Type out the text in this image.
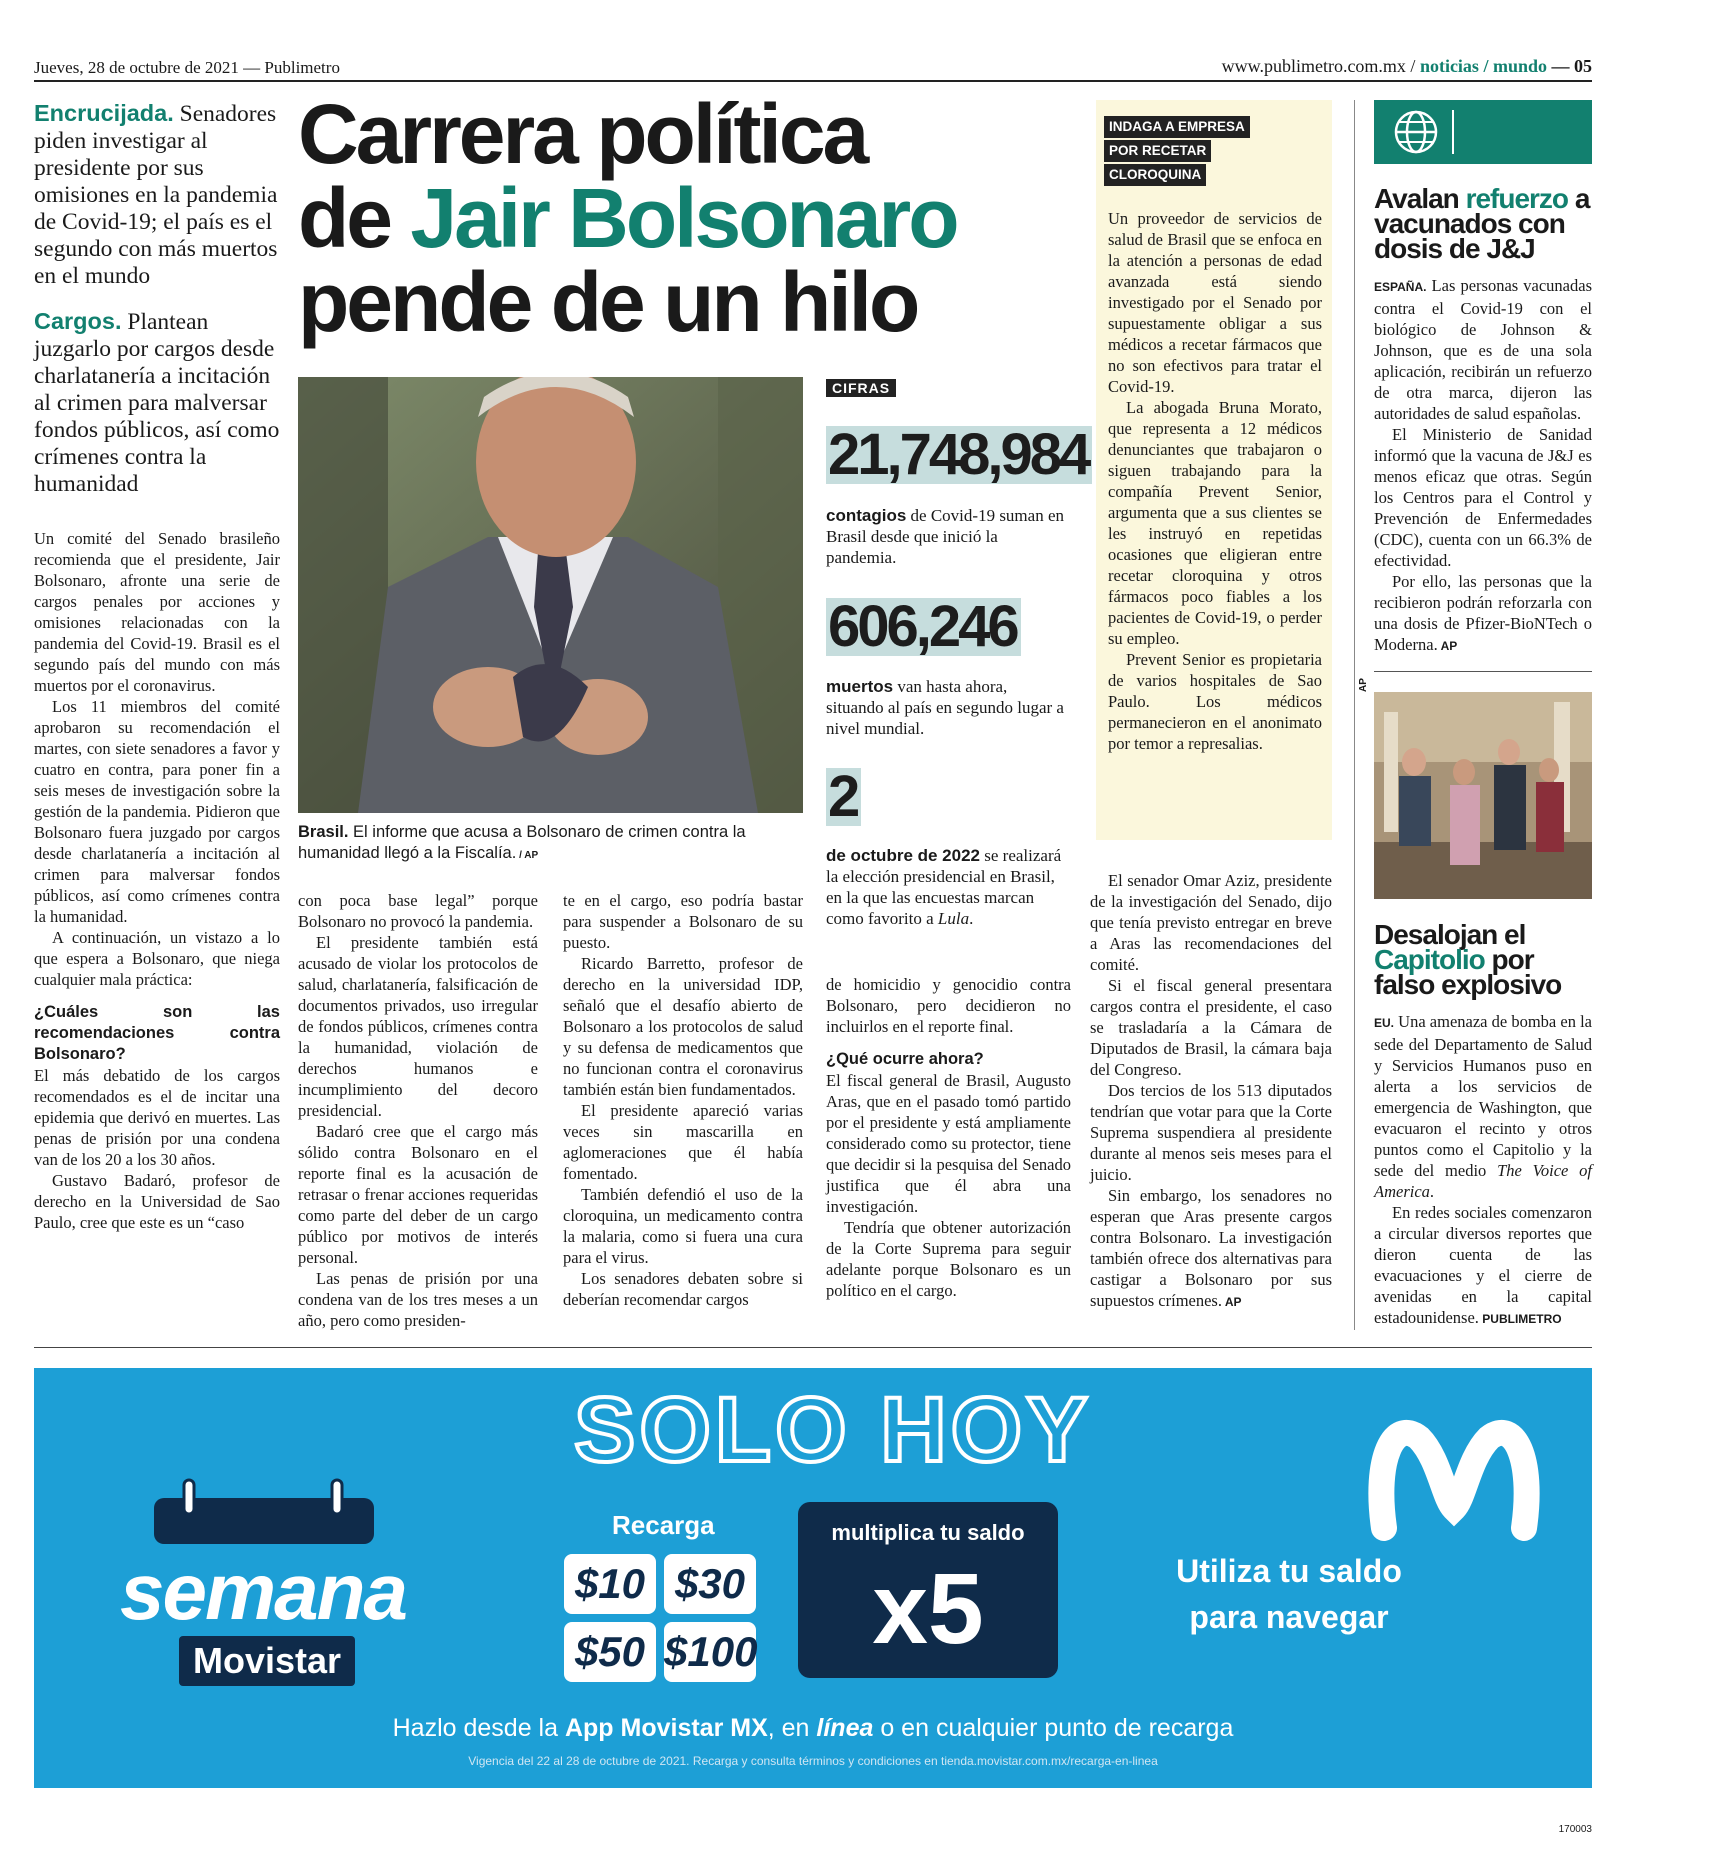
Jueves, 28 de octubre de 2021 — Publimetro	www.publimetro.com.mx / noticias / mundo — 05

Encrucijada. Senadores piden investigar al presidente por sus omisiones en la pandemia de Covid-19; el país es el segundo con más muertos en el mundo

Cargos. Plantean juzgarlo por cargos desde charlatanería a incitación al crimen para malversar fondos públicos, así como crímenes contra la humanidad

Un comité del Senado brasileño recomienda que el presidente, Jair Bolsonaro, afronte una serie de cargos penales por acciones y omisiones relacionadas con la pandemia del Covid-19. Brasil es el segundo país del mundo con más muertos por el coronavirus.

Los 11 miembros del comité aprobaron su recomendación el martes, con siete senadores a favor y cuatro en contra, para poner fin a seis meses de investigación sobre la gestión de la pandemia. Pidieron que Bolsonaro fuera juzgado por cargos desde charlatanería a incitación al crimen para malversar fondos públicos, así como crímenes contra la humanidad.

A continuación, un vistazo a lo que espera a Bolsonaro, que niega cualquier mala práctica:

¿Cuáles son las recomendaciones contra Bolsonaro?

El más debatido de los cargos recomendados es el de incitar una epidemia que derivó en muertes. Las penas de prisión por una condena van de los 20 a los 30 años.

Gustavo Badaró, profesor de derecho en la Universidad de Sao Paulo, cree que este es un “caso

Carrera política
de Jair Bolsonaro
pende de un hilo
Brasil. El informe que acusa a Bolsonaro de crimen contra la humanidad llegó a la Fiscalía. / AP
CIFRAS
21,748,984
contagios de Covid-19 suman en Brasil desde que inició la pandemia.
606,246
muertos van hasta ahora, situando al país en segundo lugar a nivel mundial.
2
de octubre de 2022 se realizará la elección presidencial en Brasil, en la que las encuestas marcan como favorito a Lula.
INDAGA A EMPRESA
POR RECETAR
CLOROQUINA

Un proveedor de servicios de salud de Brasil que se enfoca en la atención a personas de edad avanzada está siendo investigado por el Senado por supuestamente obligar a sus médicos a recetar fármacos que no son efectivos para tratar el Covid-19.

La abogada Bruna Morato, que representa a 12 médicos denunciantes que trabajaron o siguen trabajando para la compañía Prevent Senior, argumenta que a sus clientes se les instruyó en repetidas ocasiones que eligieran entre recetar cloroquina y otros fármacos poco fiables a los pacientes de Covid-19, o perder su empleo.

Prevent Senior es propietaria de varios hospitales de Sao Paulo. Los médicos permanecieron en el anonimato por temor a represalias.

con poca base legal” porque Bolsonaro no provocó la pandemia.

El presidente también está acusado de violar los protocolos de salud, charlatanería, falsificación de documentos privados, uso irregular de fondos públicos, crímenes contra la humanidad, violación de derechos humanos e incumplimiento del decoro presidencial.

Badaró cree que el cargo más sólido contra Bolsonaro en el reporte final es la acusación de retrasar o frenar acciones requeridas como parte del deber de un cargo público por motivos de interés personal.

Las penas de prisión por una condena van de los tres meses a un año, pero como presiden-

te en el cargo, eso podría bastar para suspender a Bolsonaro de su puesto.

Ricardo Barretto, profesor de derecho en la universidad IDP, señaló que el desafío abierto de Bolsonaro a los protocolos de salud y su defensa de medicamentos que no funcionan contra el coronavirus también están bien fundamentados.

El presidente apareció varias veces sin mascarilla en aglomeraciones que él había fomentado.

También defendió el uso de la cloroquina, un medicamento contra la malaria, como si fuera una cura para el virus.

Los senadores debaten sobre si deberían recomendar cargos

de homicidio y genocidio contra Bolsonaro, pero decidieron no incluirlos en el reporte final.

¿Qué ocurre ahora?

El fiscal general de Brasil, Augusto Aras, que en el pasado tomó partido por el presidente y está ampliamente considerado como su protector, tiene que decidir si la pesquisa del Senado justifica que él abra una investigación.

Tendría que obtener autorización de la Corte Suprema para seguir adelante porque Bolsonaro es un político en el cargo.

El senador Omar Aziz, presidente de la investigación del Senado, dijo que tenía previsto entregar en breve a Aras las recomendaciones del comité.

Si el fiscal general presentara cargos contra el presidente, el caso se trasladaría a la Cámara de Diputados de Brasil, la cámara baja del Congreso.

Dos tercios de los 513 diputados tendrían que votar para que la Corte Suprema suspendiera al presidente durante al menos seis meses para el juicio.

Sin embargo, los senadores no esperan que Aras presente cargos contra Bolsonaro. La investigación también ofrece dos alternativas para castigar a Bolsonaro por sus supuestos crímenes. AP

Avalan refuerzo a vacunados con dosis de J&J

ESPAÑA. Las personas vacunadas contra el Covid-19 con el biológico de Johnson & Johnson, que es de una sola aplicación, recibirán un refuerzo de otra marca, dijeron las autoridades de salud españolas.

El Ministerio de Sanidad informó que la vacuna de J&J es menos eficaz que otras. Según los Centros para el Control y Prevención de Enfermedades (CDC), cuenta con un 66.3% de efectividad.

Por ello, las personas que la recibieron podrán reforzarla con una dosis de Pfizer-BioNTech o Moderna. AP

AP
Desalojan el Capitolio por falso explosivo

EU. Una amenaza de bomba en la sede del Departamento de Salud y Servicios Humanos puso en alerta a los servicios de emergencia de Washington, que evacuaron el recinto y otros puntos como el Capitolio y la sede del medio The Voice of America.

En redes sociales comenzaron a circular diversos reportes que dieron cuenta de las evacuaciones y el cierre de avenidas en la capital estadounidense. PUBLIMETRO

SOLO HOY
semana
Movistar
Recarga
$10 $30
$50 $100
multiplica tu saldo
x5	Utiliza tu saldo para navegar
Hazlo desde la App Movistar MX, en línea o en cualquier punto de recarga
Vigencia del 22 al 28 de octubre de 2021. Recarga y consulta términos y condiciones en tienda.movistar.com.mx/recarga-en-linea
170003
